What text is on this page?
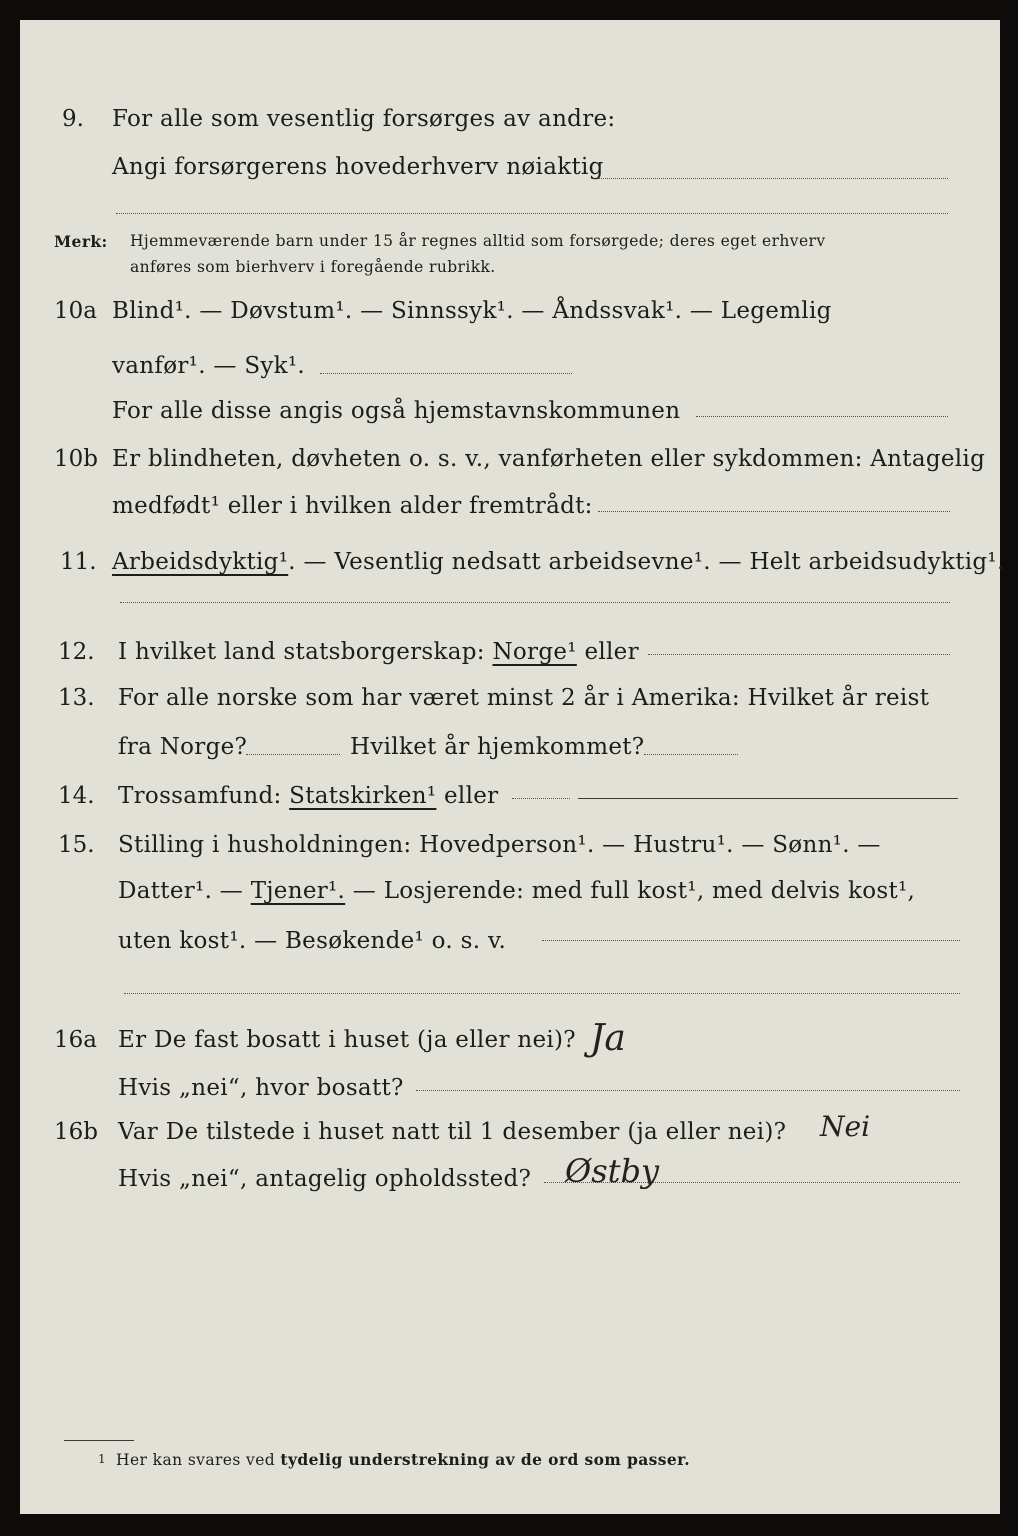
9. For alle som vesentlig forsørges av andre:
Angi forsørgerens hovederhverv nøiaktig
Merk: Hjemmeværende barn under 15 år regnes alltid som forsørgede; deres eget erhverv
anføres som bierhverv i foregående rubrikk.
10a Blind¹. — Døvstum¹. — Sinnssyk¹. — Åndssvak¹. — Legemlig
vanfør¹. — Syk¹.
For alle disse angis også hjemstavnskommunen
10b Er blindheten, døvheten o. s. v., vanførheten eller sykdommen: Antagelig
medfødt¹ eller i hvilken alder fremtrådt:
11. Arbeidsdyktig¹. — Vesentlig nedsatt arbeidsevne¹. — Helt arbeidsudyktig¹.
12. I hvilket land statsborgerskap: Norge¹ eller
13. For alle norske som har været minst 2 år i Amerika: Hvilket år reist
fra Norge?	Hvilket år hjemkommet?
14. Trossamfund: Statskirken¹ eller
15. Stilling i husholdningen: Hovedperson¹. — Hustru¹. — Sønn¹. —
Datter¹. — Tjener¹. — Losjerende: med full kost¹, med delvis kost¹,
uten kost¹. — Besøkende¹ o. s. v.
16a Er De fast bosatt i huset (ja eller nei)? Ja
Hvis „nei“, hvor bosatt?
16b Var De tilstede i huset natt til 1 desember (ja eller nei)? Nei
Hvis „nei“, antagelig opholdssted? Østby
1 Her kan svares ved tydelig understrekning av de ord som passer.
